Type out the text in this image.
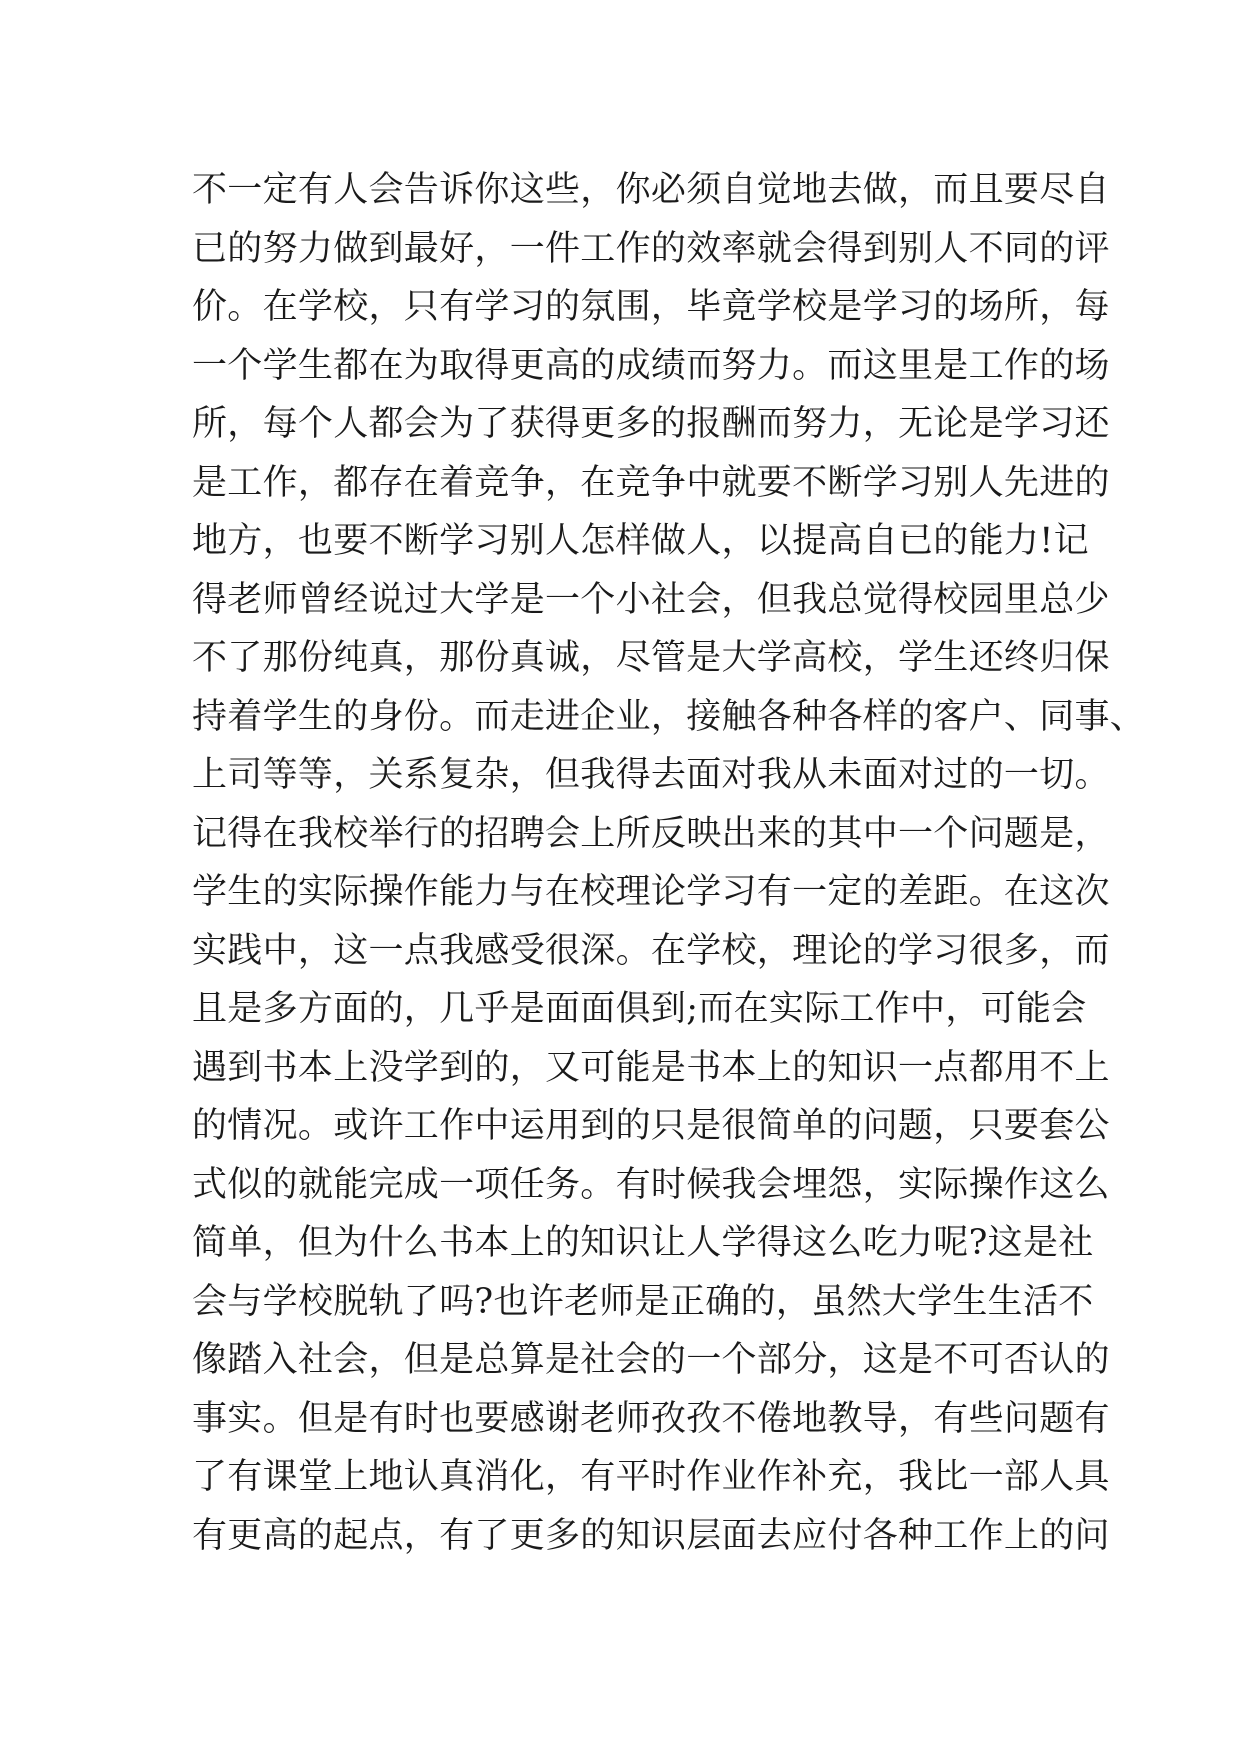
不一定有人会告诉你这些，你必须自觉地去做，而且要尽自
已的努力做到最好，一件工作的效率就会得到别人不同的评
价。在学校，只有学习的氛围，毕竟学校是学习的场所，每
一个学生都在为取得更高的成绩而努力。而这里是工作的场
所，每个人都会为了获得更多的报酬而努力，无论是学习还
是工作，都存在着竞争，在竞争中就要不断学习别人先进的
地方，也要不断学习别人怎样做人，以提高自已的能力!记
得老师曾经说过大学是一个小社会，但我总觉得校园里总少
不了那份纯真，那份真诚，尽管是大学高校，学生还终归保
持着学生的身份。而走进企业，接触各种各样的客户、同事、
上司等等，关系复杂，但我得去面对我从未面对过的一切。
记得在我校举行的招聘会上所反映出来的其中一个问题是，
学生的实际操作能力与在校理论学习有一定的差距。在这次
实践中，这一点我感受很深。在学校，理论的学习很多，而
且是多方面的，几乎是面面俱到;而在实际工作中，可能会
遇到书本上没学到的，又可能是书本上的知识一点都用不上
的情况。或许工作中运用到的只是很简单的问题，只要套公
式似的就能完成一项任务。有时候我会埋怨，实际操作这么
简单，但为什么书本上的知识让人学得这么吃力呢?这是社
会与学校脱轨了吗?也许老师是正确的，虽然大学生生活不
像踏入社会，但是总算是社会的一个部分，这是不可否认的
事实。但是有时也要感谢老师孜孜不倦地教导，有些问题有
了有课堂上地认真消化，有平时作业作补充，我比一部人具
有更高的起点，有了更多的知识层面去应付各种工作上的问
